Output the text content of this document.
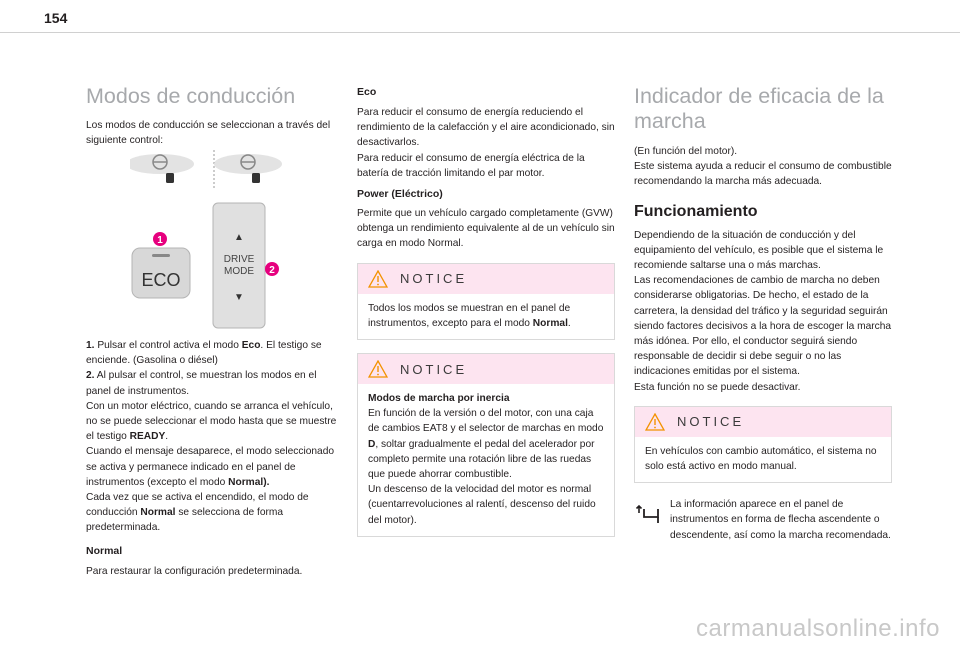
154
Modos de conducción

Los modos de conducción se seleccionan a través del siguiente control:

ECO
1	▲
DRIVE
MODE
▼
2

1. Pulsar el control activa el modo Eco. El testigo se enciende. (Gasolina o diésel)

2. Al pulsar el control, se muestran los modos en el panel de instrumentos.

Con un motor eléctrico, cuando se arranca el vehículo, no se puede seleccionar el modo hasta que se muestre el testigo READY.

Cuando el mensaje desaparece, el modo seleccionado se activa y permanece indicado en el panel de instrumentos (excepto el modo Normal).

Cada vez que se activa el encendido, el modo de conducción Normal se selecciona de forma predeterminada.

Normal

Para restaurar la configuración predeterminada.

Eco

Para reducir el consumo de energía reduciendo el rendimiento de la calefacción y el aire acondicionado, sin desactivarlos.

Para reducir el consumo de energía eléctrica de la batería de tracción limitando el par motor.

Power (Eléctrico)

Permite que un vehículo cargado completamente (GVW) obtenga un rendimiento equivalente al de un vehículo sin carga en modo Normal.

NOTICE

Todos los modos se muestran en el panel de instrumentos, excepto para el modo Normal.

NOTICE

Modos de marcha por inercia

En función de la versión o del motor, con una caja de cambios EAT8 y el selector de marchas en modo D, soltar gradualmente el pedal del acelerador por completo permite una rotación libre de las ruedas que puede ahorrar combustible.

Un descenso de la velocidad del motor es normal (cuentarrevoluciones al ralentí, descenso del ruido del motor).

Indicador de eficacia de la marcha

(En función del motor).

Este sistema ayuda a reducir el consumo de combustible recomendando la marcha más adecuada.

Funcionamiento

Dependiendo de la situación de conducción y del equipamiento del vehículo, es posible que el sistema le recomiende saltarse una o más marchas.

Las recomendaciones de cambio de marcha no deben considerarse obligatorias. De hecho, el estado de la carretera, la densidad del tráfico y la seguridad seguirán siendo factores decisivos a la hora de escoger la marcha más idónea. Por ello, el conductor seguirá siendo responsable de decidir si debe seguir o no las indicaciones emitidas por el sistema.

Esta función no se puede desactivar.

NOTICE

En vehículos con cambio automático, el sistema no solo está activo en modo manual.

La información aparece en el panel de instrumentos en forma de flecha ascendente o descendente, así como la marcha recomendada.

carmanualsonline.info
